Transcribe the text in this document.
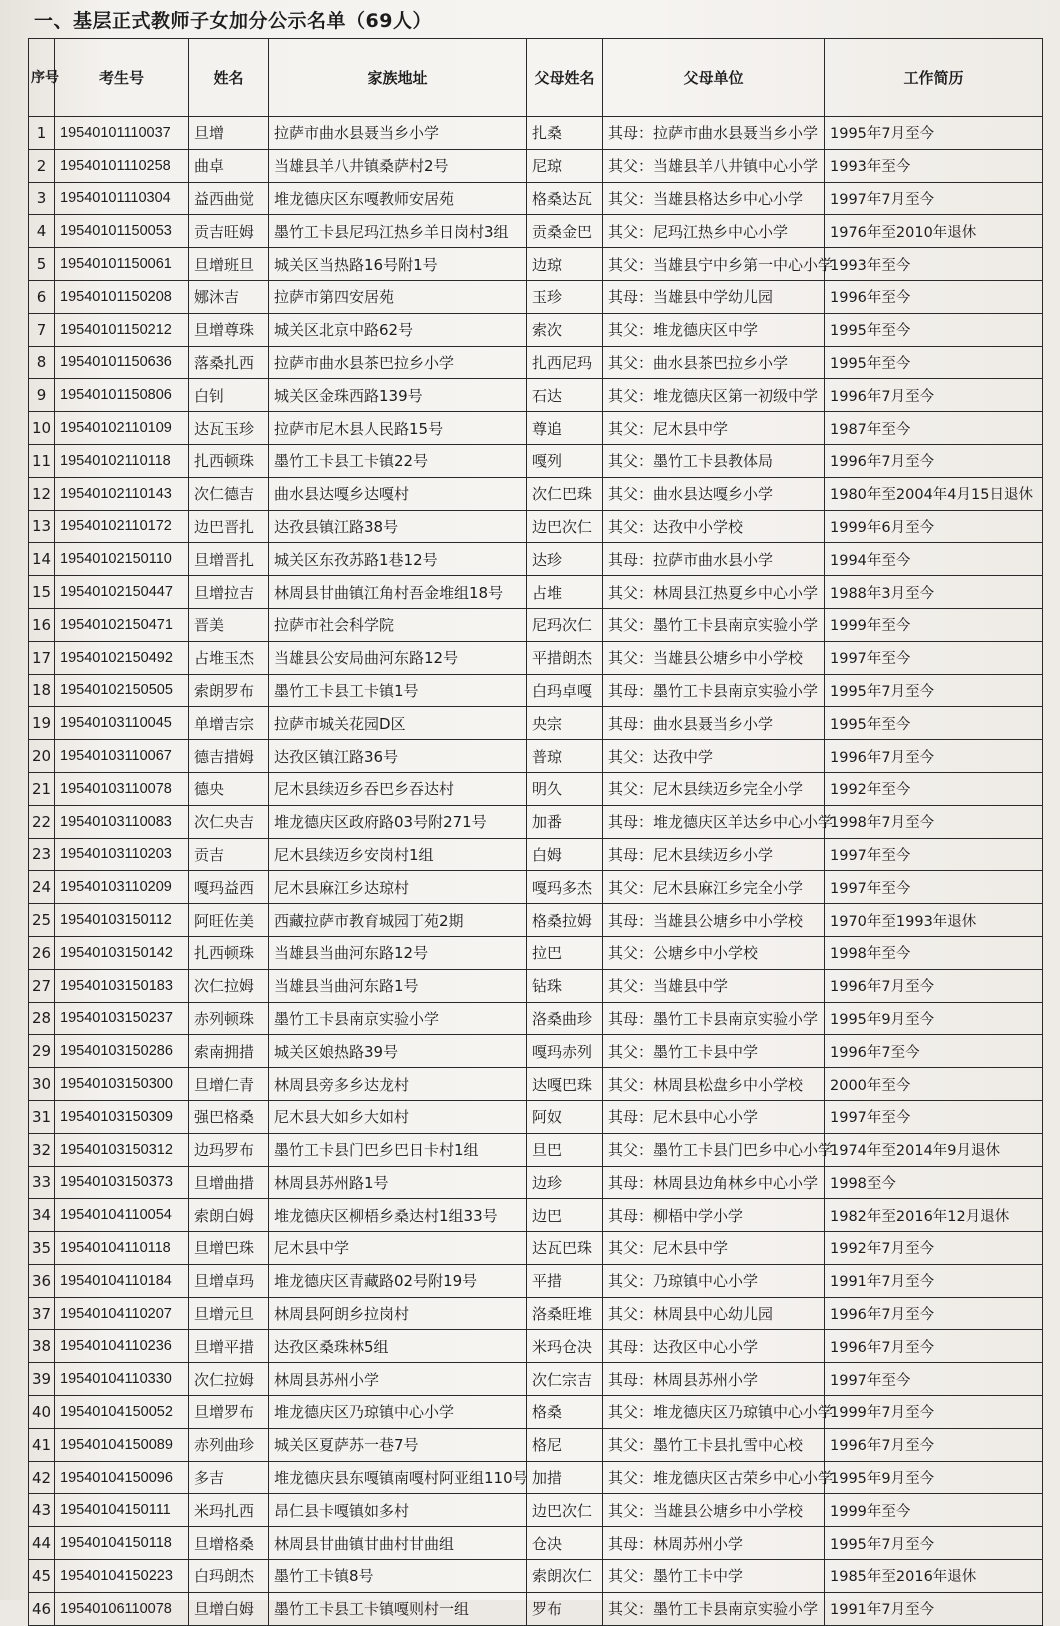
一、基层正式教师子女加分公示名单（69人）
序号	考生号	姓名	家族地址	父母姓名	父母单位	工作简历
1	19540101110037	旦增	拉萨市曲水县聂当乡小学	扎桑	其母：拉萨市曲水县聂当乡小学	1995年7月至今
2	19540101110258	曲卓	当雄县羊八井镇桑萨村2号	尼琼	其父：当雄县羊八井镇中心小学	1993年至今
3	19540101110304	益西曲觉	堆龙德庆区东嘎教师安居苑	格桑达瓦	其父：当雄县格达乡中心小学	1997年7月至今
4	19540101150053	贡吉旺姆	墨竹工卡县尼玛江热乡羊日岗村3组	贡桑金巴	其父：尼玛江热乡中心小学	1976年至2010年退休
5	19540101150061	旦增班旦	城关区当热路16号附1号	边琼	其父：当雄县宁中乡第一中心小学	1993年至今
6	19540101150208	娜沐吉	拉萨市第四安居苑	玉珍	其母：当雄县中学幼儿园	1996年至今
7	19540101150212	旦增尊珠	城关区北京中路62号	索次	其父：堆龙德庆区中学	1995年至今
8	19540101150636	落桑扎西	拉萨市曲水县茶巴拉乡小学	扎西尼玛	其父：曲水县茶巴拉乡小学	1995年至今
9	19540101150806	白钊	城关区金珠西路139号	石达	其父：堆龙德庆区第一初级中学	1996年7月至今
10	19540102110109	达瓦玉珍	拉萨市尼木县人民路15号	尊追	其父：尼木县中学	1987年至今
11	19540102110118	扎西顿珠	墨竹工卡县工卡镇22号	嘎列	其父：墨竹工卡县教体局	1996年7月至今
12	19540102110143	次仁德吉	曲水县达嘎乡达嘎村	次仁巴珠	其父：曲水县达嘎乡小学	1980年至2004年4月15日退休
13	19540102110172	边巴晋扎	达孜县镇江路38号	边巴次仁	其父：达孜中小学校	1999年6月至今
14	19540102150110	旦增晋扎	城关区东孜苏路1巷12号	达珍	其母：拉萨市曲水县小学	1994年至今
15	19540102150447	旦增拉吉	林周县甘曲镇江角村吾金堆组18号	占堆	其父：林周县江热夏乡中心小学	1988年3月至今
16	19540102150471	晋美	拉萨市社会科学院	尼玛次仁	其父：墨竹工卡县南京实验小学	1999年至今
17	19540102150492	占堆玉杰	当雄县公安局曲河东路12号	平措朗杰	其父：当雄县公塘乡中小学校	1997年至今
18	19540102150505	索朗罗布	墨竹工卡县工卡镇1号	白玛卓嘎	其母：墨竹工卡县南京实验小学	1995年7月至今
19	19540103110045	单增吉宗	拉萨市城关花园D区	央宗	其母：曲水县聂当乡小学	1995年至今
20	19540103110067	德吉措姆	达孜区镇江路36号	普琼	其父：达孜中学	1996年7月至今
21	19540103110078	德央	尼木县续迈乡吞巴乡吞达村	明久	其父：尼木县续迈乡完全小学	1992年至今
22	19540103110083	次仁央吉	堆龙德庆区政府路03号附271号	加番	其母：堆龙德庆区羊达乡中心小学	1998年7月至今
23	19540103110203	贡吉	尼木县续迈乡安岗村1组	白姆	其母：尼木县续迈乡小学	1997年至今
24	19540103110209	嘎玛益西	尼木县麻江乡达琼村	嘎玛多杰	其父：尼木县麻江乡完全小学	1997年至今
25	19540103150112	阿旺佐美	西藏拉萨市教育城园丁苑2期	格桑拉姆	其母：当雄县公塘乡中小学校	1970年至1993年退休
26	19540103150142	扎西顿珠	当雄县当曲河东路12号	拉巴	其父：公塘乡中小学校	1998年至今
27	19540103150183	次仁拉姆	当雄县当曲河东路1号	钻珠	其父：当雄县中学	1996年7月至今
28	19540103150237	赤列顿珠	墨竹工卡县南京实验小学	洛桑曲珍	其母：墨竹工卡县南京实验小学	1995年9月至今
29	19540103150286	索南拥措	城关区娘热路39号	嘎玛赤列	其父：墨竹工卡县中学	1996年7至今
30	19540103150300	旦增仁青	林周县旁多乡达龙村	达嘎巴珠	其父：林周县松盘乡中小学校	2000年至今
31	19540103150309	强巴格桑	尼木县大如乡大如村	阿奴	其母：尼木县中心小学	1997年至今
32	19540103150312	边玛罗布	墨竹工卡县门巴乡巴日卡村1组	旦巴	其父：墨竹工卡县门巴乡中心小学	1974年至2014年9月退休
33	19540103150373	旦增曲措	林周县苏州路1号	边珍	其母：林周县边角林乡中心小学	1998至今
34	19540104110054	索朗白姆	堆龙德庆区柳梧乡桑达村1组33号	边巴	其母：柳梧中学小学	1982年至2016年12月退休
35	19540104110118	旦增巴珠	尼木县中学	达瓦巴珠	其父：尼木县中学	1992年7月至今
36	19540104110184	旦增卓玛	堆龙德庆区青藏路02号附19号	平措	其父：乃琼镇中心小学	1991年7月至今
37	19540104110207	旦增元旦	林周县阿朗乡拉岗村	洛桑旺堆	其父：林周县中心幼儿园	1996年7月至今
38	19540104110236	旦增平措	达孜区桑珠林5组	米玛仓决	其母：达孜区中心小学	1996年7月至今
39	19540104110330	次仁拉姆	林周县苏州小学	次仁宗吉	其母：林周县苏州小学	1997年至今
40	19540104150052	旦增罗布	堆龙德庆区乃琼镇中心小学	格桑	其父：堆龙德庆区乃琼镇中心小学	1999年7月至今
41	19540104150089	赤列曲珍	城关区夏萨苏一巷7号	格尼	其父：墨竹工卡县扎雪中心校	1996年7月至今
42	19540104150096	多吉	堆龙德庆县东嘎镇南嘎村阿亚组110号	加措	其父：堆龙德庆区古荣乡中心小学	1995年9月至今
43	19540104150111	米玛扎西	昂仁县卡嘎镇如多村	边巴次仁	其父：当雄县公塘乡中小学校	1999年至今
44	19540104150118	旦增格桑	林周县甘曲镇甘曲村甘曲组	仓决	其母：林周苏州小学	1995年7月至今
45	19540104150223	白玛朗杰	墨竹工卡镇8号	索朗次仁	其父：墨竹工卡中学	1985年至2016年退休
46	19540106110078	旦增白姆	墨竹工卡县工卡镇嘎则村一组	罗布	其父：墨竹工卡县南京实验小学	1991年7月至今
